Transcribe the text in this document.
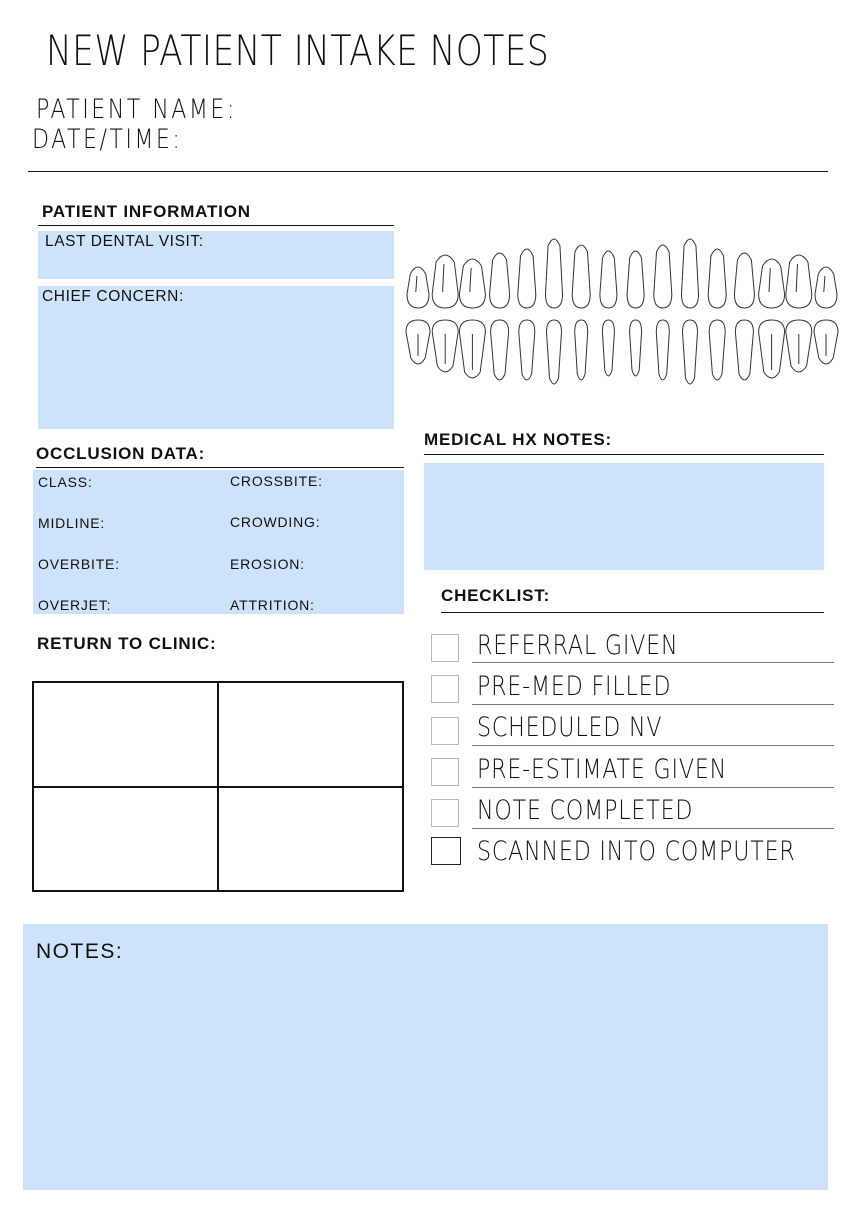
NEW PATIENT INTAKE NOTES
PATIENT NAME:
DATE/TIME:
PATIENT INFORMATION
LAST DENTAL VISIT:
CHIEF CONCERN:
OCCLUSION DATA:
CLASS:	CROSSBITE:
MIDLINE:	CROWDING:
OVERBITE:	EROSION:
OVERJET:	ATTRITION:
MEDICAL HX NOTES:
CHECKLIST:
REFERRAL GIVEN
PRE-MED FILLED
SCHEDULED NV
PRE-ESTIMATE GIVEN
NOTE COMPLETED
SCANNED INTO COMPUTER
RETURN TO CLINIC:
NOTES:
